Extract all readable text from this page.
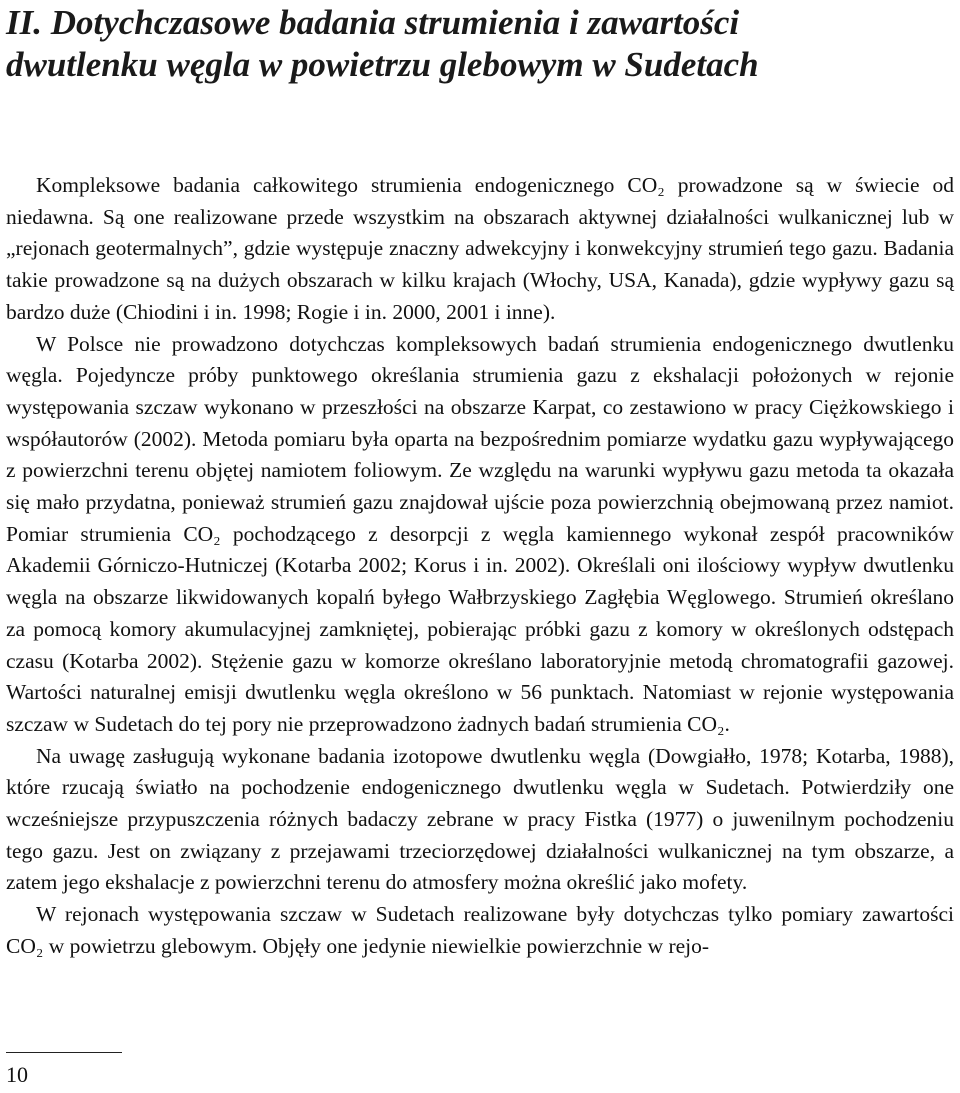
II. Dotychczasowe badania strumienia i zawartości
dwutlenku węgla w powietrzu glebowym w Sudetach

Kompleksowe badania całkowitego strumienia endogenicznego CO₂ prowadzone są w świecie od niedawna. Są one realizowane przede wszystkim na obszarach aktywnej działalności wulkanicznej lub w „rejonach geotermalnych”, gdzie występuje znaczny adwekcyjny i konwekcyjny strumień tego gazu. Badania takie prowadzone są na dużych obszarach w kilku krajach (Włochy, USA, Kanada), gdzie wypływy gazu są bardzo duże (Chiodini i in. 1998; Rogie i in. 2000, 2001 i inne).

W Polsce nie prowadzono dotychczas kompleksowych badań strumienia endogenicznego dwutlenku węgla. Pojedyncze próby punktowego określania strumienia gazu z ekshalacji położonych w rejonie występowania szczaw wykonano w przeszłości na obszarze Karpat, co zestawiono w pracy Ciężkowskiego i współautorów (2002). Metoda pomiaru była oparta na bezpośrednim pomiarze wydatku gazu wypływającego z powierzchni terenu objętej namiotem foliowym. Ze względu na warunki wypływu gazu metoda ta okazała się mało przydatna, ponieważ strumień gazu znajdował ujście poza powierzchnią obejmowaną przez namiot. Pomiar strumienia CO₂ pochodzącego z desorpcji z węgla kamiennego wykonał zespół pracowników Akademii Górniczo-Hutniczej (Kotarba 2002; Korus i in. 2002). Określali oni ilościowy wypływ dwutlenku węgla na obszarze likwidowanych kopalń byłego Wałbrzyskiego Zagłębia Węglowego. Strumień określano za pomocą komory akumulacyjnej zamkniętej, pobierając próbki gazu z komory w określonych odstępach czasu (Kotarba 2002). Stężenie gazu w komorze określano laboratoryjnie metodą chromatografii gazowej. Wartości naturalnej emisji dwutlenku węgla określono w 56 punktach. Natomiast w rejonie występowania szczaw w Sudetach do tej pory nie przeprowadzono żadnych badań strumienia CO₂.

Na uwagę zasługują wykonane badania izotopowe dwutlenku węgla (Dowgiałło, 1978; Kotarba, 1988), które rzucają światło na pochodzenie endogenicznego dwutlenku węgla w Sudetach. Potwierdziły one wcześniejsze przypuszczenia różnych badaczy zebrane w pracy Fistka (1977) o juwenilnym pochodzeniu tego gazu. Jest on związany z przejawami trzeciorzędowej działalności wulkanicznej na tym obszarze, a zatem jego ekshalacje z powierzchni terenu do atmosfery można określić jako mofety.

W rejonach występowania szczaw w Sudetach realizowane były dotychczas tylko pomiary zawartości CO₂ w powietrzu glebowym. Objęły one jedynie niewielkie powierzchnie w rejo-

10
